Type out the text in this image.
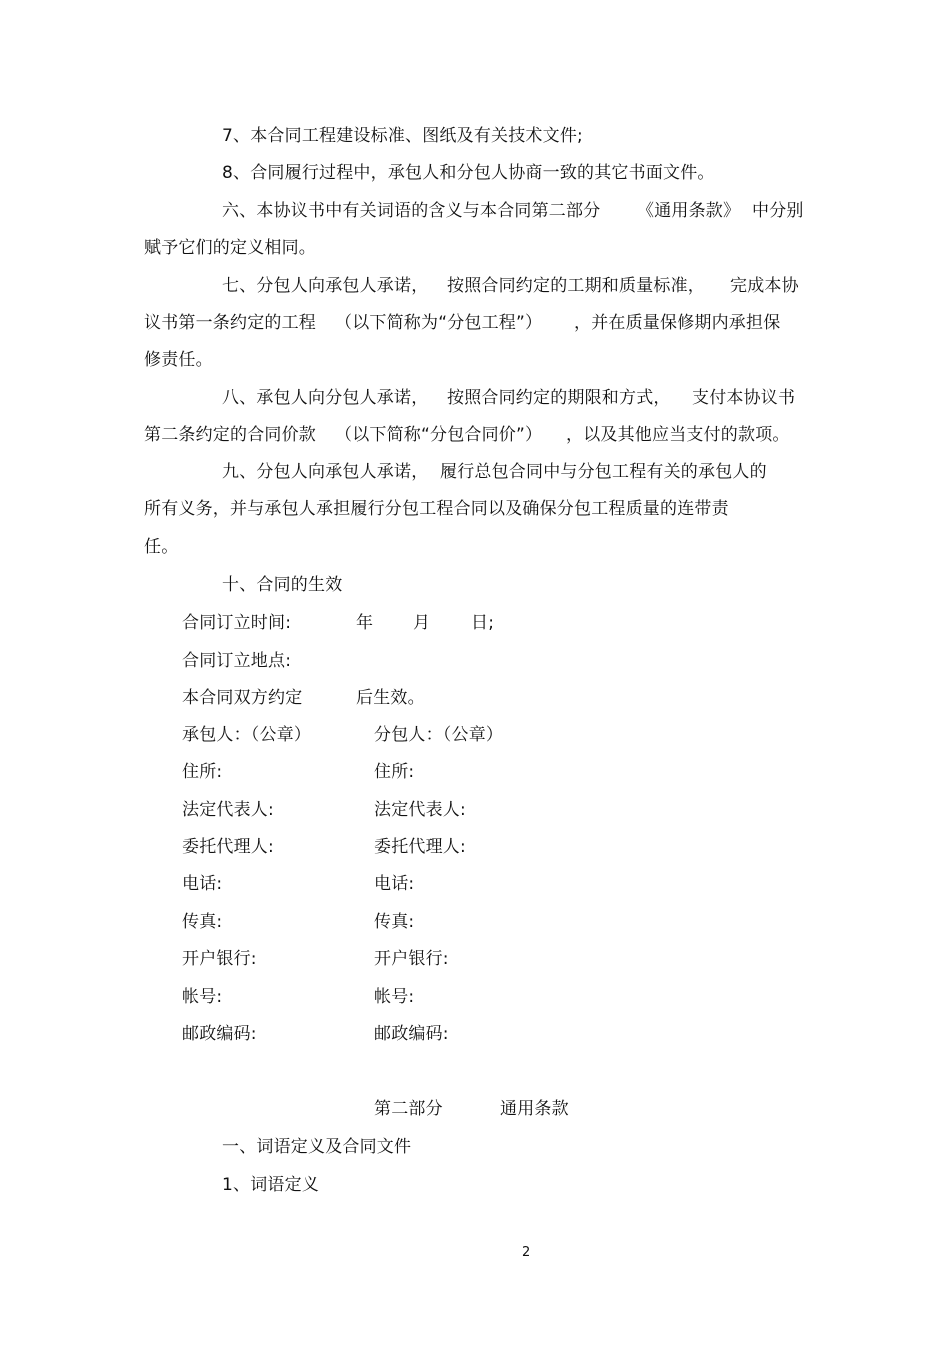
7、本合同工程建设标准、图纸及有关技术文件;
8、合同履行过程中，承包人和分包人协商一致的其它书面文件。
六、本协议书中有关词语的含义与本合同第二部分 《通用条款》 中分别
赋予它们的定义相同。
七、分包人向承包人承诺， 按照合同约定的工期和质量标准， 完成本协
议书第一条约定的工程 （以下简称为“分包工程”） ，并在质量保修期内承担保
修责任。
八、承包人向分包人承诺， 按照合同约定的期限和方式， 支付本协议书
第二条约定的合同价款 （以下简称“分包合同价”） ，以及其他应当支付的款项。
九、分包人向承包人承诺， 履行总包合同中与分包工程有关的承包人的
所有义务，并与承包人承担履行分包工程合同以及确保分包工程质量的连带责
任。
十、合同的生效
合同订立时间:	年 月 日;
合同订立地点:
本合同双方约定	后生效。
承包人：（公章）	分包人：（公章）
住所:	住所:
法定代表人:	法定代表人:
委托代理人:	委托代理人:
电话:	电话:
传真:	传真:
开户银行:	开户银行:
帐号:	帐号:
邮政编码:	邮政编码:
第二部分	通用条款
一、词语定义及合同文件
1、词语定义
2
